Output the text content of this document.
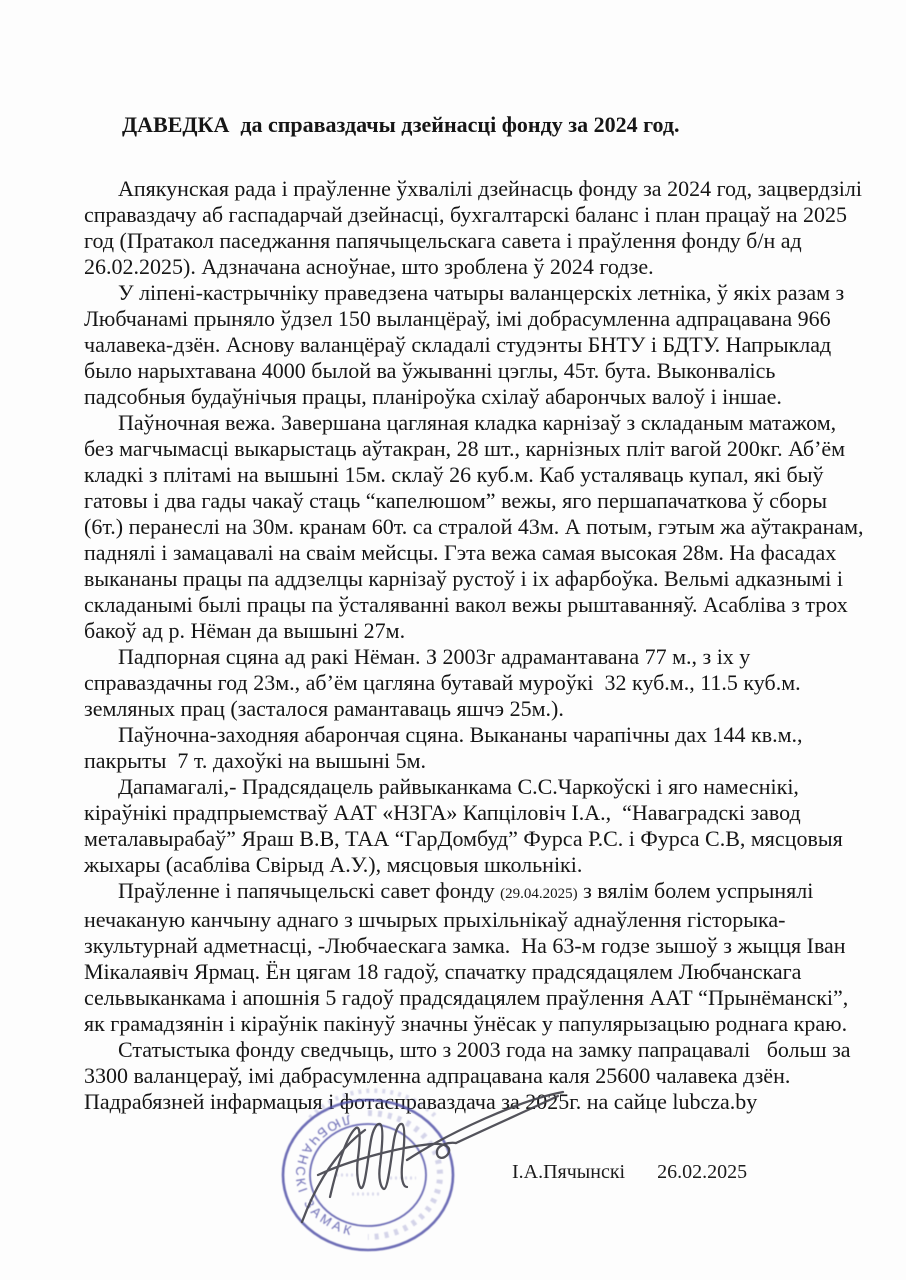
ДАВЕДКА  да справаздачы дзейнасці фонду за 2024 год.

Апякунская рада і праўленне ўхвалілі дзейнасць фонду за 2024 год, зацвердзілі справаздачу аб гаспадарчай дзейнасці, бухгалтарскі баланс і план працаў на 2025 год (Пратакол паседжання папячыцельскага савета і праўлення фонду б/н ад 26.02.2025). Адзначана асноўнае, што зроблена ў 2024 годзе.

У ліпені-кастрычніку праведзена чатыры валанцерскіх летніка, ў якіх разам з Любчанамі прыняло ўдзел 150 выланцёраў, імі добрасумленна адпрацавана 966 чалавека-дзён. Аснову валанцёраў складалі студэнты БНТУ і БДТУ. Напрыклад было нарыхтавана 4000 былой ва ўжыванні цэглы, 45т. бута. Выконвалісь падсобныя будаўнічыя працы, планіроўка схілаў абарончых валоў і іншае.

Паўночная вежа. Завершана цагляная кладка карнізаў з складаным матажом, без магчымасці выкарыстаць аўтакран, 28 шт., карнізных пліт вагой 200кг. Аб’ём кладкі з плітамі на вышыні 15м. склаў 26 куб.м. Каб усталяваць купал, які быў гатовы і два гады чакаў стаць “капелюшом” вежы, яго першапачаткова ў сборы (6т.) перанеслі на 30м. кранам 60т. са стралой 43м. А потым, гэтым жа аўтакранам, паднялі і замацавалі на сваім мейсцы. Гэта вежа самая высокая 28м. На фасадах выкананы працы па аддзелцы карнізаў рустоў і іх афарбоўка. Вельмі адказнымі і складанымі былі працы па ўсталяванні вакол вежы рыштаванняў. Асабліва з трох бакоў ад р. Нёман да вышыні 27м.

Падпорная сцяна ад ракі Нёман. З 2003г адрамантавана 77 м., з іх у справаздачны год 23м., аб’ём цагляна бутавай муроўкі  32 куб.м., 11.5 куб.м. земляных прац (засталося рамантаваць яшчэ 25м.).

Паўночна-заходняя абарончая сцяна. Выкананы чарапічны дах 144 кв.м., пакрыты  7 т. дахоўкі на вышыні 5м.

Дапамагалі,- Прадсядацель райвыканкама С.С.Чаркоўскі і яго намеснікі, кіраўнікі прадпрыемстваў ААТ «НЗГА» Капціловіч І.А.,  “Наваградскі завод металавырабаў” Яраш В.В, ТАА “ГарДомбуд” Фурса Р.С. і Фурса С.В, мясцовыя жыхары (асабліва Свірыд А.У.), мясцовыя школьнікі.

Праўленне і папячыцельскі савет фонду (29.04.2025) з вялім болем успрынялі нечаканую канчыну аднаго з шчырых прыхільнікаў аднаўлення гісторыка-зкультурнай адметнасці, -Любчаескага замка.  На 63-м годзе зышоў з жыцця Іван Мікалаявіч Ярмац. Ён цягам 18 гадоў, спачатку прадсядацялем Любчанскага сельвыканкама і апошнія 5 гадоў прадсядацялем праўлення ААТ “Прынёманскі”, як грамадзянін і кіраўнік пакінуў значны ўнёсак у папулярызацыю роднага краю.

Статыстыка фонду сведчыць, што з 2003 года на замку папрацавалі   больш за 3300 валанцераў, імі дабрасумленна адпрацавана каля 25600 чалавека дзён. Падрабязней інфармацыя і фотасправаздача за 2025г. на сайце lubcza.by

ЛЮБЧАНСКІ ЗАМАК

І.А.Пячынскі 26.02.2025
